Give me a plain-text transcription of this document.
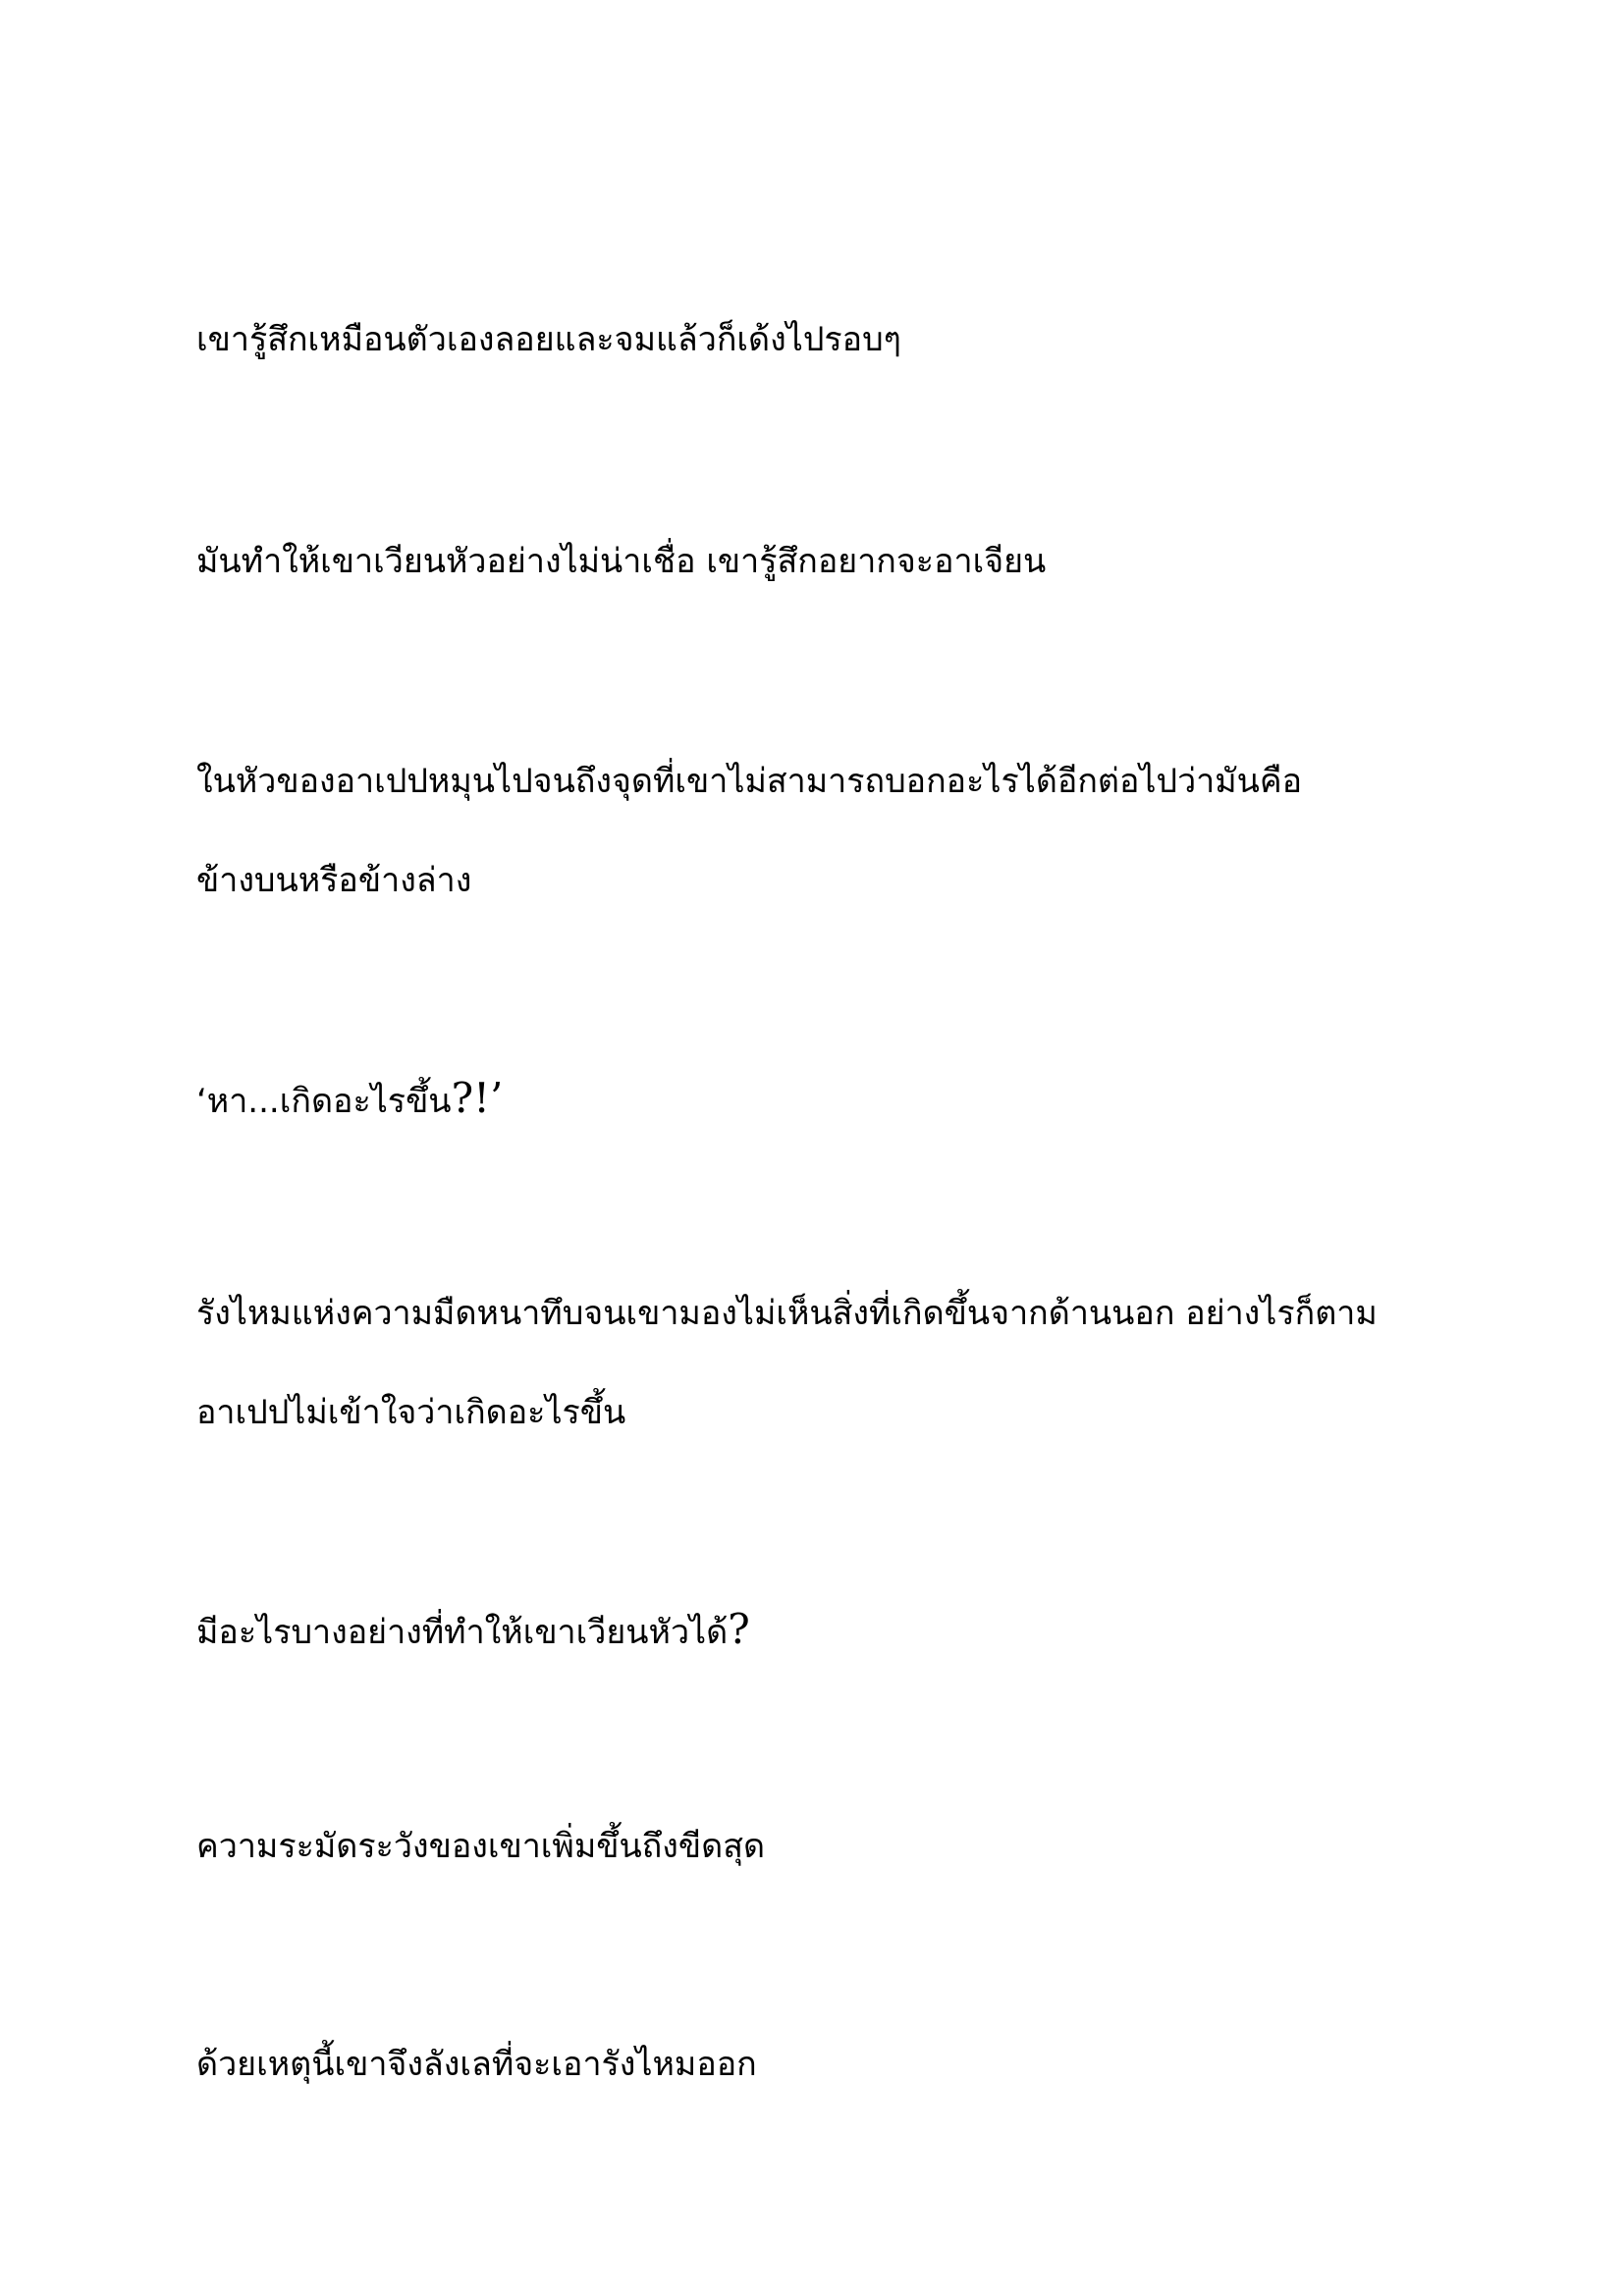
เขารู้สึกเหมือนตัวเองลอยและจมแล้วก็เด้งไปรอบๆ

มันทำให้เขาเวียนหัวอย่างไม่น่าเชื่อ เขารู้สึกอยากจะอาเจียน

ในหัวของอาเปปหมุนไปจนถึงจุดที่เขาไม่สามารถบอกอะไรได้อีกต่อไปว่ามันคือ
ข้างบนหรือข้างล่าง

‘หา...เกิดอะไรขึ้น?!’

รังไหมแห่งความมืดหนาทึบจนเขามองไม่เห็นสิ่งที่เกิดขึ้นจากด้านนอก อย่างไรก็ตาม
อาเปปไม่เข้าใจว่าเกิดอะไรขึ้น

มีอะไรบางอย่างที่ทำให้เขาเวียนหัวได้?

ความระมัดระวังของเขาเพิ่มขึ้นถึงขีดสุด

ด้วยเหตุนี้เขาจึงลังเลที่จะเอารังไหมออก
